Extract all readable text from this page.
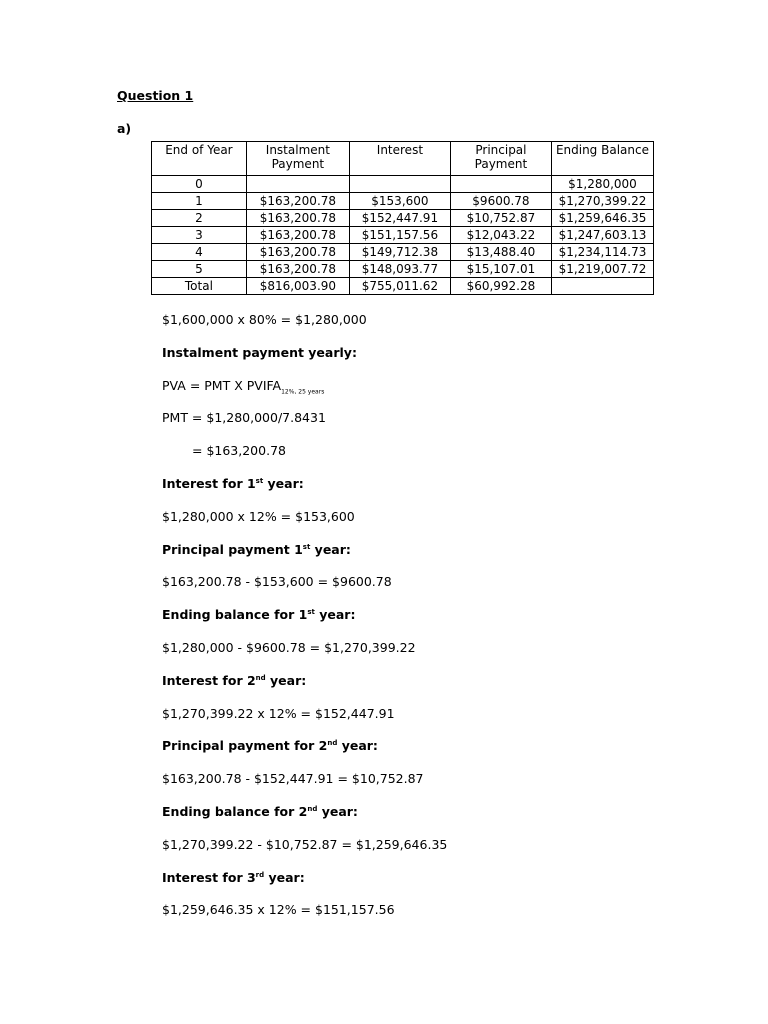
Question 1
a)
End of Year	Instalment Payment	Interest	Principal Payment	Ending Balance
0				$1,280,000
1	$163,200.78	$153,600	$9600.78	$1,270,399.22
2	$163,200.78	$152,447.91	$10,752.87	$1,259,646.35
3	$163,200.78	$151,157.56	$12,043.22	$1,247,603.13
4	$163,200.78	$149,712.38	$13,488.40	$1,234,114.73
5	$163,200.78	$148,093.77	$15,107.01	$1,219,007.72
Total	$816,003.90	$755,011.62	$60,992.28	
$1,600,000 x 80% = $1,280,000
Instalment payment yearly:
PVA = PMT X $PVIFA_{12\%, 25 years}$
PMT = $1,280,000/7.8431
= $163,200.78
Interest for 1st year:
$1,280,000 x 12% = $153,600
Principal payment 1st year:
$163,200.78 - $153,600 = $9600.78
Ending balance for 1st year:
$1,280,000 - $9600.78 = $1,270,399.22
Interest for 2nd year:
$1,270,399.22 x 12% = $152,447.91
Principal payment for 2nd year:
$163,200.78 - $152,447.91 = $10,752.87
Ending balance for 2nd year:
$1,270,399.22 - $10,752.87 = $1,259,646.35
Interest for 3rd year:
$1,259,646.35 x 12% = $151,157.56
